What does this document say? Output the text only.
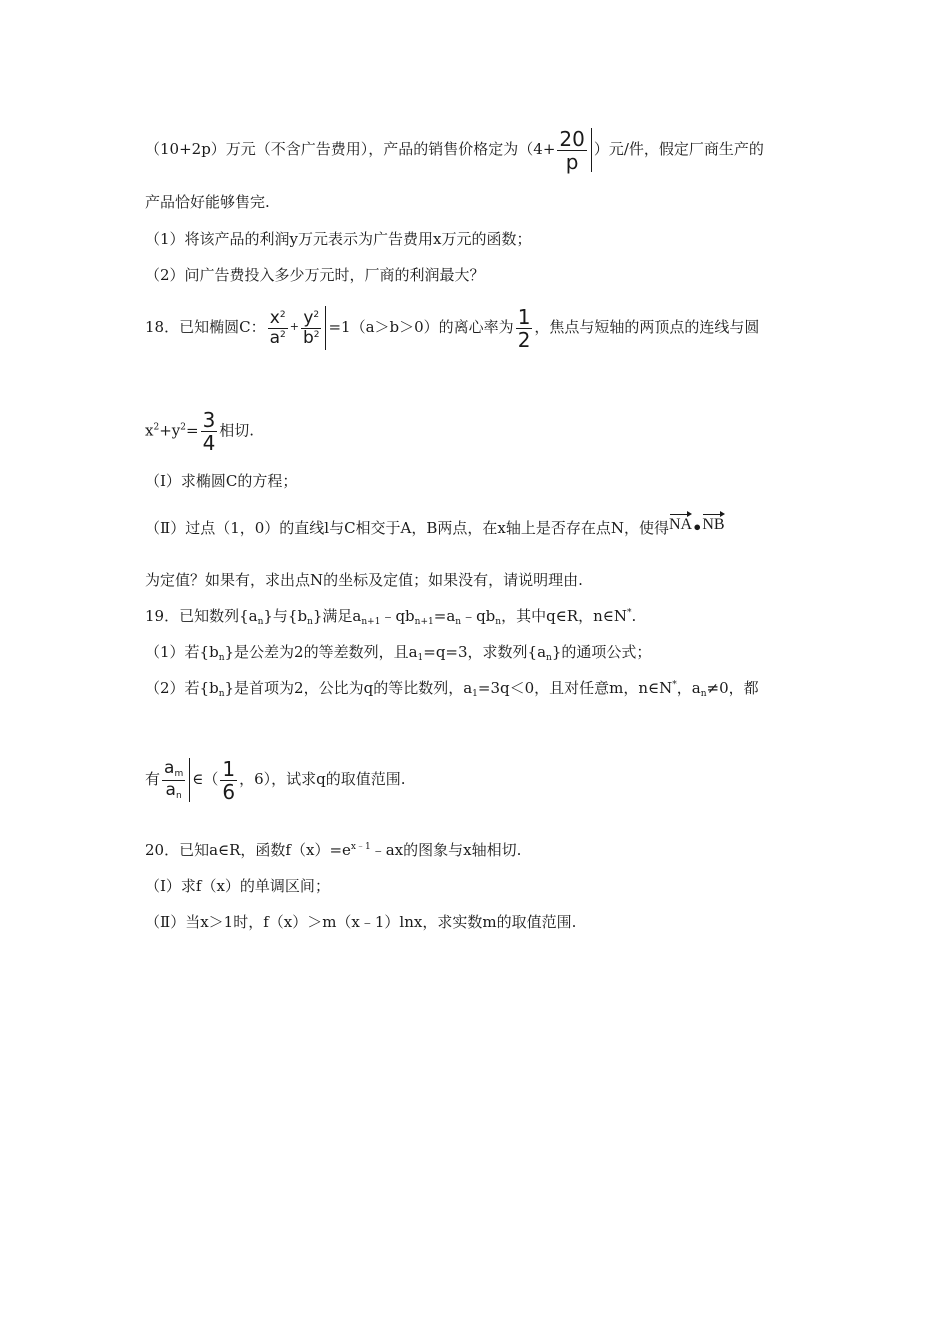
（10+2p）万元（不含广告费用），产品的销售价格定为（$4+ \frac{20}{p}$ ）元/件，假定厂商生产的
产品恰好能够售完.
（1）将该产品的利润y万元表示为广告费用x万元的函数；
（2）问广告费投入多少万元时，厂商的利润最大？
18．已知椭圆C： $\frac{x^2}{a^2} + \frac{y^2}{b^2} =1(a>b>0)$的离心率为 $\frac{1}{2}$ ，焦点与短轴的两顶点的连线与圆
$x^2+y^2= \frac{3}{4}$ 相切.
（Ⅰ）求椭圆C的方程；
（Ⅱ）过点（1，0）的直线l与C相交于A，B两点，在x轴上是否存在点N，使得NA•NB
为定值？如果有，求出点N的坐标及定值；如果没有，请说明理由.
19．已知数列$\{a_n\}$与$\{b_n\}$满足$a_{n+1}﹣qb_{n+1}=a_n﹣qb_n$，其中q∈R，n∈N*.
（1）若$\{b_n\}$是公差为2的等差数列，且$a_1=q=3$，求数列$\{a_n\}$的通项公式；
（2）若$\{b_n\}$是首项为2，公比为q的等比数列，$a_1=3q<0$，且对任意m，n∈N*，$a_n\ne 0$，都
有 $\frac{a_m}{a_n}$ ∈（ $\frac{1}{6}$ ，6），试求q的取值范围.
20．已知a∈R，函数$f(x)=e^{x﹣1}﹣ax$的图象与x轴相切.
（Ⅰ）求f（x）的单调区间；
（Ⅱ）当x＞1时，f（x）＞m（x﹣1）lnx，求实数m的取值范围.
